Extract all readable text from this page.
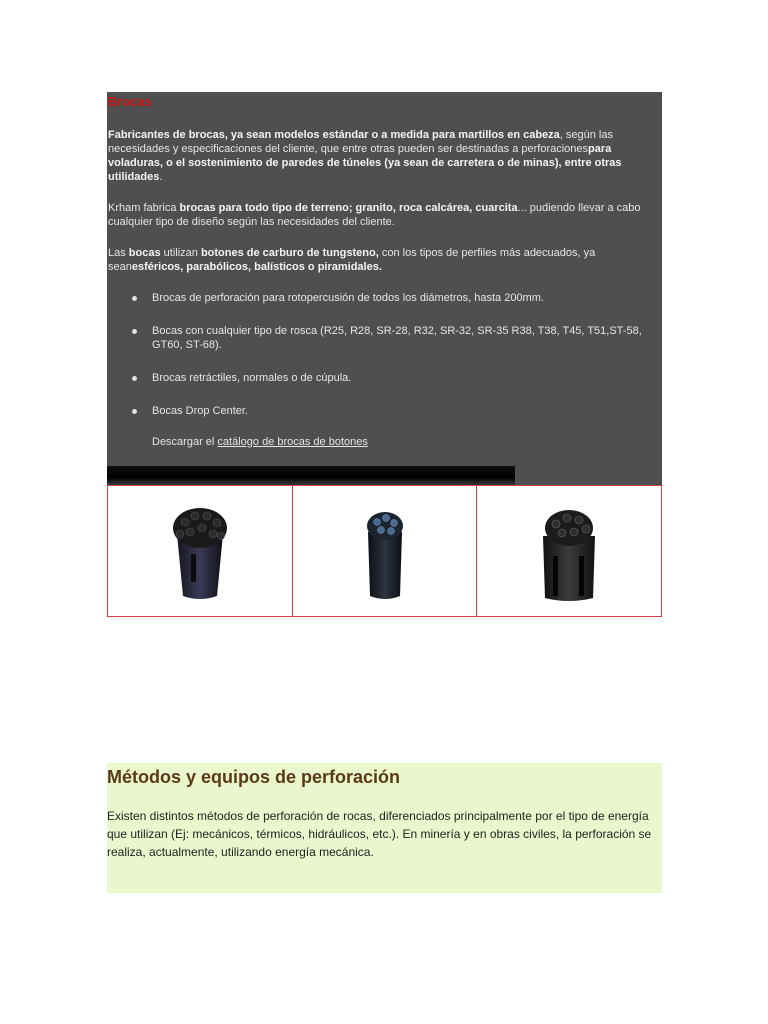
Brocas

Fabricantes de brocas, ya sean modelos estándar o a medida para martillos en cabeza, según las necesidades y especificaciones del cliente, que entre otras pueden ser destinadas a perforacionespara voladuras, o el sostenimiento de paredes de túneles (ya sean de carretera o de minas), entre otras utilidades.

Krham fabrica brocas para todo tipo de terreno; granito, roca calcárea, cuarcita... pudiendo llevar a cabo cualquier tipo de diseño según las necesidades del cliente.

Las bocas utilizan botones de carburo de tungsteno, con los tipos de perfiles más adecuados, ya seanesféricos, parabólicos, balísticos o piramidales.

Brocas de perforación para rotopercusión de todos los diámetros, hasta 200mm.
Bocas con cualquier tipo de rosca (R25, R28, SR-28, R32, SR-32, SR-35 R38, T38, T45, T51,ST-58, GT60, ST-68).
Brocas retráctiles, normales o de cúpula.
Bocas Drop Center.
Descargar el catálogo de brocas de botones
Métodos y equipos de perforación

Existen distintos métodos de perforación de rocas, diferenciados principalmente por el tipo de energía que utilizan (Ej: mecánicos, térmicos, hidráulicos, etc.). En minería y en obras civiles, la perforación se realiza, actualmente, utilizando energía mecánica.
